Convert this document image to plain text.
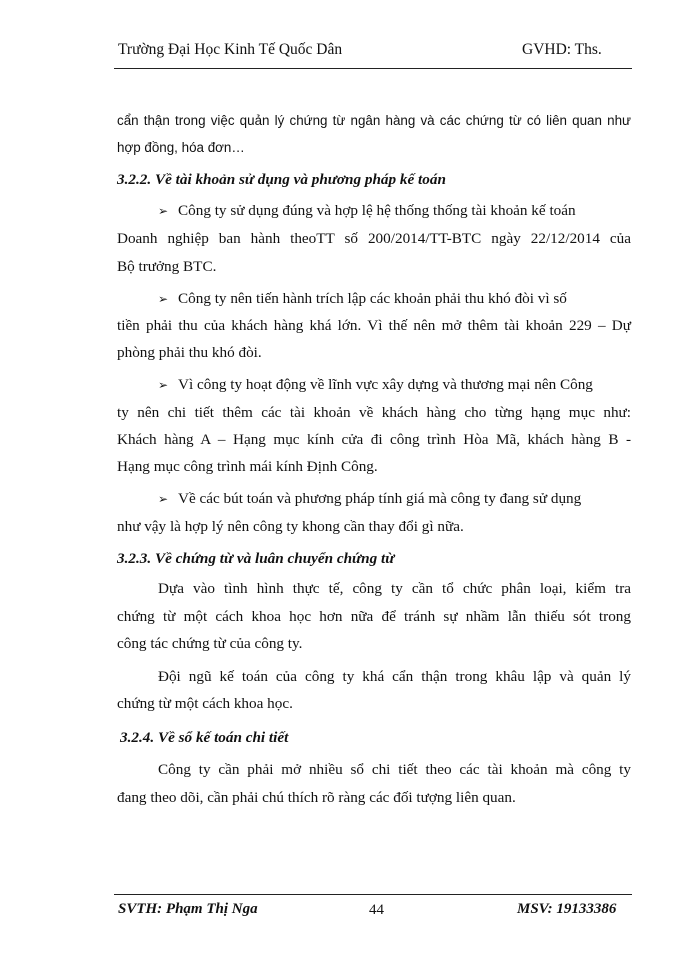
Trường Đại Học Kinh Tế Quốc Dân	GVHD: Ths.
cẩn thận trong việc quản lý chứng từ ngân hàng và các chứng từ có liên quan như
hợp đồng, hóa đơn…
3.2.2. Về tài khoản sử dụng và phương pháp kế toán
➢ Công ty sử dụng đúng và hợp lệ hệ thống thống tài khoản kế toán
Doanh nghiệp ban hành theoTT số 200/2014/TT-BTC ngày 22/12/2014 của
Bộ trưởng BTC.
➢ Công ty nên tiến hành trích lập các khoản phải thu khó đòi vì số
tiền phải thu của khách hàng khá lớn. Vì thế nên mở thêm tài khoản 229 – Dự
phòng phải thu khó đòi.
➢ Vì công ty hoạt động về lĩnh vực xây dựng và thương mại nên Công
ty nên chi tiết thêm các tài khoản về khách hàng cho từng hạng mục như:
Khách hàng A – Hạng mục kính cửa đi công trình Hòa Mã, khách hàng B -
Hạng mục công trình mái kính Định Công.
➢ Về các bút toán và phương pháp tính giá mà công ty đang sử dụng
như vậy là hợp lý nên công ty khong cần thay đổi gì nữa.
3.2.3. Về chứng từ và luân chuyển chứng từ
Dựa vào tình hình thực tế, công ty cần tổ chức phân loại, kiểm tra
chứng từ một cách khoa học hơn nữa để tránh sự nhầm lẫn thiếu sót trong
công tác chứng từ của công ty.
Đội ngũ kế toán của công ty khá cẩn thận trong khâu lập và quản lý
chứng từ một cách khoa học.
3.2.4. Về sổ kế toán chi tiết
Công ty cần phải mở nhiều sổ chi tiết theo các tài khoản mà công ty
đang theo dõi, cần phải chú thích rõ ràng các đối tượng liên quan.
SVTH: Phạm Thị Nga	44	MSV: 19133386
